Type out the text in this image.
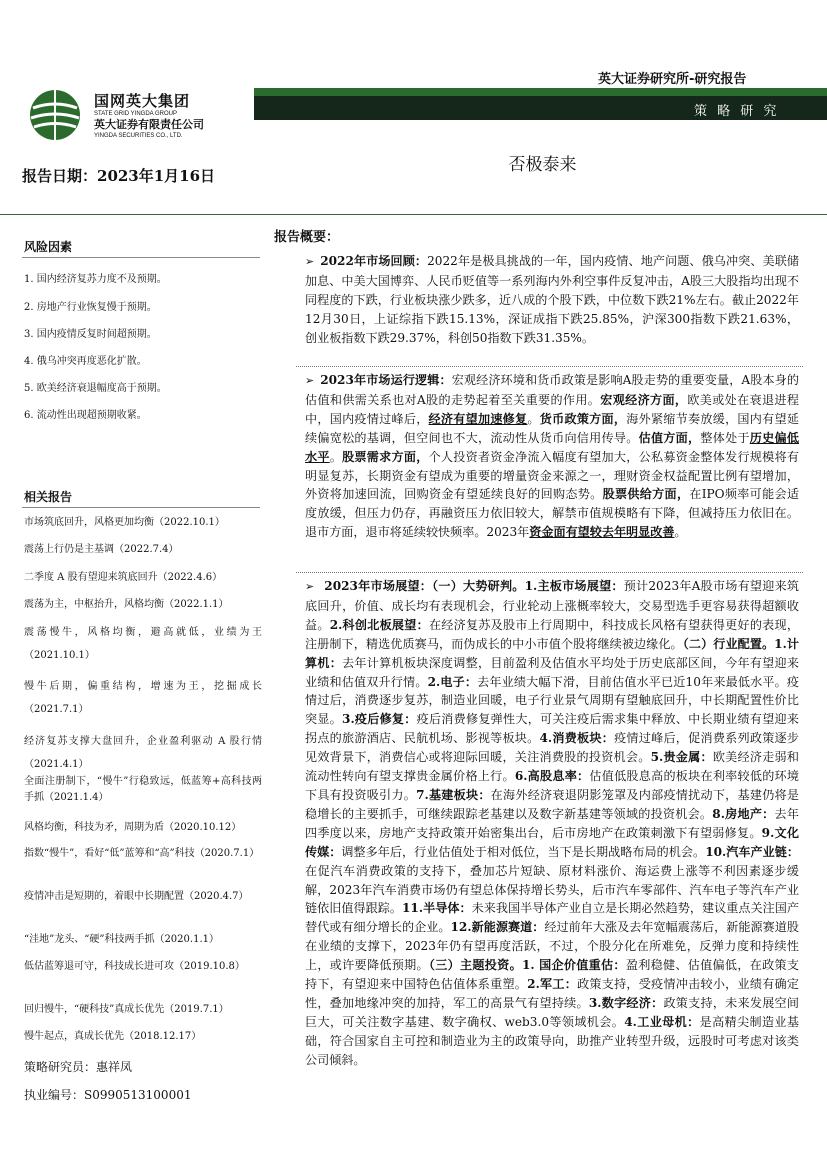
国网英大集团
STATE GRID YINGDA GROUP
英大证券有限责任公司
YINGDA SECURITIES CO., LTD.
英大证券研究所-研究报告
策 略 研 究
否极泰来
报告日期：2023年1月16日
风险因素
1. 国内经济复苏力度不及预期。
2. 房地产行业恢复慢于预期。
3. 国内疫情反复时间超预期。
4. 俄乌冲突再度恶化扩散。
5. 欧美经济衰退幅度高于预期。
6. 流动性出现超预期收紧。
相关报告
市场筑底回升，风格更加均衡（2022.10.1）
震荡上行仍是主基调（2022.7.4）
二季度 A 股有望迎来筑底回升（2022.4.6）
震荡为主，中枢抬升，风格均衡（2022.1.1）
震荡慢牛，风格均衡，避高就低，业绩为王（2021.10.1）
慢牛后期，偏重结构，增速为王，挖掘成长（2021.7.1）
经济复苏支撑大盘回升，企业盈利驱动 A 股行情（2021.4.1）
全面注册制下，“慢牛”行稳致远，低蓝筹+高科技两手抓（2021.1.4）
风格均衡，科技为矛，周期为盾（2020.10.12）
指数“慢牛”，看好“低”蓝筹和“高”科技（2020.7.1）
疫情冲击是短期的，着眼中长期配置（2020.4.7）
“洼地”龙头、“硬”科技两手抓（2020.1.1）
低估蓝筹退可守，科技成长进可攻（2019.10.8）
回归慢牛，“硬科技”真成长优先（2019.7.1）
慢牛起点，真成长优先（2018.12.17）
策略研究员：惠祥凤
执业编号：S0990513100001
报告概要：
➢ 2022年市场回顾：2022年是极具挑战的一年，国内疫情、地产问题、俄乌冲突、美联储加息、中美大国博弈、人民币贬值等一系列海内外利空事件反复冲击，A股三大股指均出现不同程度的下跌，行业板块涨少跌多，近八成的个股下跌，中位数下跌21%左右。截止2022年12月30日，上证综指下跌15.13%，深证成指下跌25.85%，沪深300指数下跌21.63%，创业板指数下跌29.37%，科创50指数下跌31.35%。
➢ 2023年市场运行逻辑：宏观经济环境和货币政策是影响A股走势的重要变量，A股本身的估值和供需关系也对A股的走势起着至关重要的作用。宏观经济方面，欧美或处在衰退进程中，国内疫情过峰后，经济有望加速修复。货币政策方面，海外紧缩节奏放缓，国内有望延续偏宽松的基调，但空间也不大，流动性从货币向信用传导。估值方面，整体处于历史偏低水平。股票需求方面，个人投资者资金净流入幅度有望加大，公私募资金整体发行规模将有明显复苏，长期资金有望成为重要的增量资金来源之一，理财资金权益配置比例有望增加，外资将加速回流，回购资金有望延续良好的回购态势。股票供给方面，在IPO频率可能会适度放缓，但压力仍存，再融资压力依旧较大，解禁市值规模略有下降，但减持压力依旧在。退市方面，退市将延续较快频率。2023年资金面有望较去年明显改善。
➢ 2023年市场展望：（一）大势研判。1.主板市场展望：预计2023年A股市场有望迎来筑底回升，价值、成长均有表现机会，行业轮动上涨概率较大，交易型选手更容易获得超额收益。2.科创北板展望：在经济复苏及股市上行周期中，科技成长风格有望获得更好的表现，注册制下，精选优质赛马，而伪成长的中小市值个股将继续被边缘化。（二）行业配置。1.计算机：去年计算机板块深度调整，目前盈利及估值水平均处于历史底部区间，今年有望迎来业绩和估值双升行情。2.电子：去年业绩大幅下滑，目前估值水平已近10年来最低水平。疫情过后，消费逐步复苏，制造业回暖，电子行业景气周期有望触底回升，中长期配置性价比突显。3.疫后修复：疫后消费修复弹性大，可关注疫后需求集中释放、中长期业绩有望迎来拐点的旅游酒店、民航机场、影视等板块。4.消费板块：疫情过峰后，促消费系列政策逐步见效背景下，消费信心或将迎际回暖，关注消费股的投资机会。5.贵金属：欧美经济走弱和流动性转向有望支撑贵金属价格上行。6.高股息率：估值低股息高的板块在利率较低的环境下具有投资吸引力。7.基建板块：在海外经济衰退阴影笼罩及内部疫情扰动下，基建仍将是稳增长的主要抓手，可继续跟踪老基建以及数字新基建等领域的投资机会。8.房地产：去年四季度以来，房地产支持政策开始密集出台，后市房地产在政策刺激下有望弱修复。9.文化传媒：调整多年后，行业估值处于相对低位，当下是长期战略布局的机会。10.汽车产业链：在促汽车消费政策的支持下，叠加芯片短缺、原材料涨价、海运费上涨等不利因素逐步缓解，2023年汽车消费市场仍有望总体保持增长势头，后市汽车零部件、汽车电子等汽车产业链依旧值得跟踪。11.半导体：未来我国半导体产业自立是长期必然趋势，建议重点关注国产替代或有细分增长的企业。12.新能源赛道：经过前年大涨及去年宽幅震荡后，新能源赛道股在业绩的支撑下，2023年仍有望再度活跃，不过，个股分化在所难免，反弹力度和持续性上，或许要降低预期。（三）主题投资。1. 国企价值重估：盈利稳健、估值偏低，在政策支持下，有望迎来中国特色估值体系重塑。2.军工：政策支持，受疫情冲击较小，业绩有确定性，叠加地缘冲突的加持，军工的高景气有望持续。3.数字经济：政策支持，未来发展空间巨大，可关注数字基建、数字确权、web3.0等领域机会。4.工业母机：是高精尖制造业基础，符合国家自主可控和制造业为主的政策导向，助推产业转型升级，远股时可考虑对该类公司倾斜。
